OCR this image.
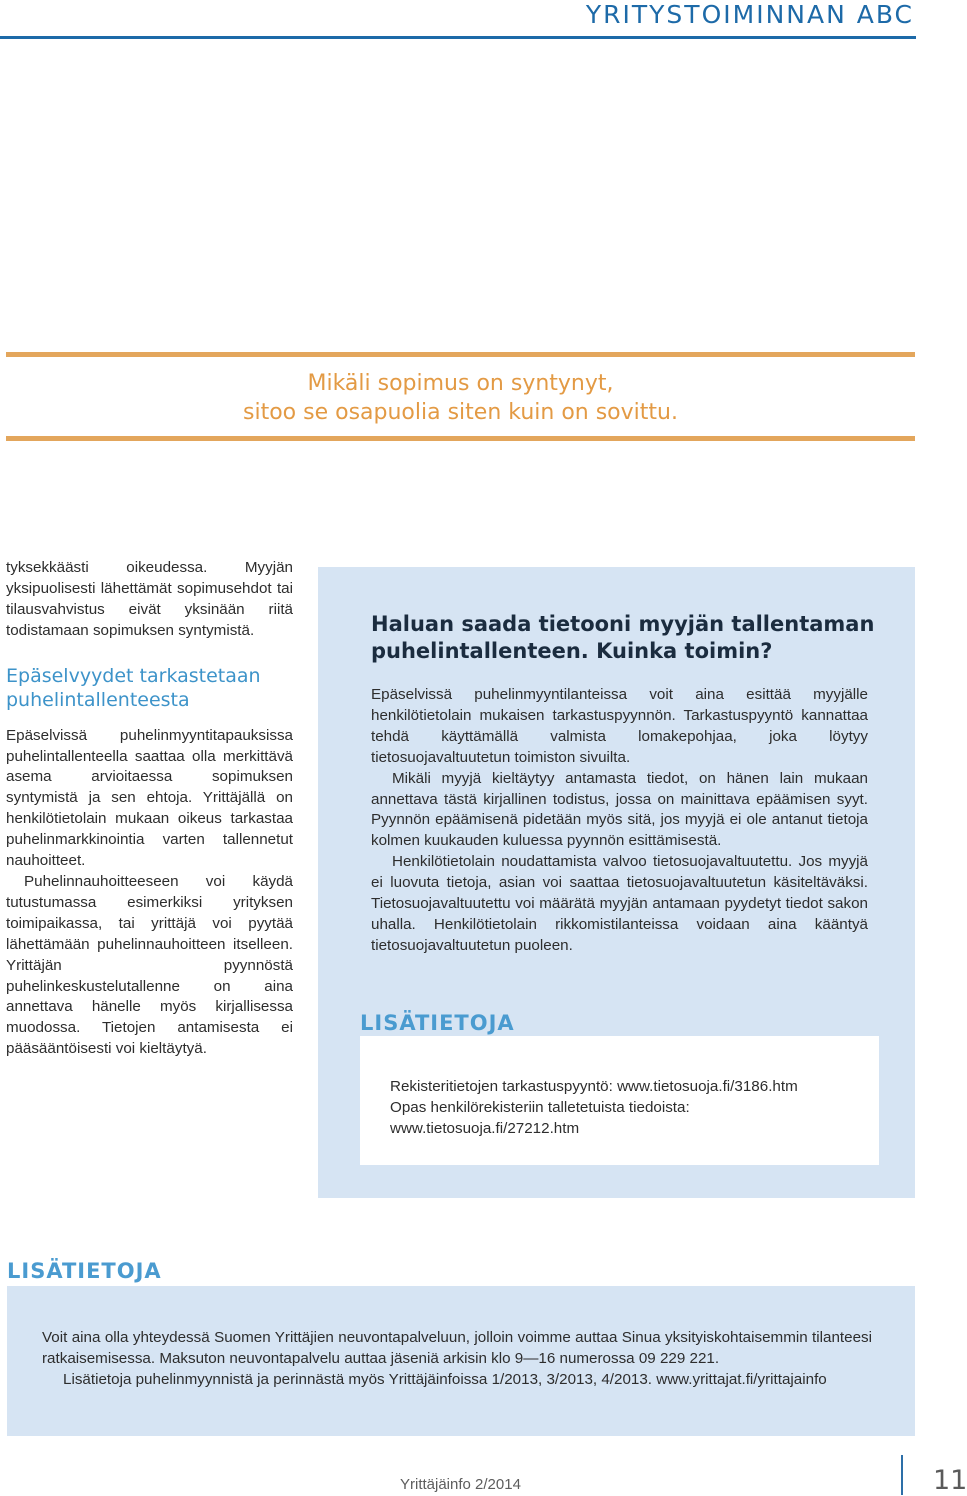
YRITYSTOIMINNAN ABC
Mikäli sopimus on syntynyt,
sitoo se osapuolia siten kuin on sovittu.

tyksekkäästi oikeudessa. Myyjän yksipuolisesti lähettämät sopimusehdot tai tilausvahvistus eivät yksinään riitä todistamaan sopimuksen syntymistä.

Epäselvyydet tarkastetaan puhelintallenteesta

Epäselvissä puhelinmyyntitapauksissa puhelintallenteella saattaa olla merkittävä asema arvioitaessa sopimuksen syntymistä ja sen ehtoja. Yrittäjällä on henkilötietolain mukaan oikeus tarkastaa puhelinmarkkinointia varten tallennetut nauhoitteet.

Puhelinnauhoitteeseen voi käydä tutustumassa esimerkiksi yrityksen toimipaikassa, tai yrittäjä voi pyytää lähettämään puhelinnauhoitteen itselleen. Yrittäjän pyynnöstä puhelinkeskustelutallenne on aina annettava hänelle myös kirjallisessa muodossa. Tietojen antamisesta ei pääsääntöisesti voi kieltäytyä.

Haluan saada tietooni myyjän tallentaman puhelintallenteen. Kuinka toimin?

Epäselvissä puhelinmyyntilanteissa voit aina esittää myyjälle henkilötietolain mukaisen tarkastuspyynnön. Tarkastuspyyntö kannattaa tehdä käyttämällä valmista lomakepohjaa, joka löytyy tietosuojavaltuutetun toimiston sivuilta.

Mikäli myyjä kieltäytyy antamasta tiedot, on hänen lain mukaan annettava tästä kirjallinen todistus, jossa on mainittava epäämisen syyt. Pyynnön epäämisenä pidetään myös sitä, jos myyjä ei ole antanut tietoja kolmen kuukauden kuluessa pyynnön esittämisestä.

Henkilötietolain noudattamista valvoo tietosuojavaltuutettu. Jos myyjä ei luovuta tietoja, asian voi saattaa tietosuojavaltuutetun käsiteltäväksi. Tietosuojavaltuutettu voi määrätä myyjän antamaan pyydetyt tiedot sakon uhalla. Henkilötietolain rikkomistilanteissa voidaan aina kääntyä tietosuojavaltuutetun puoleen.

LISÄTIETOJA
Rekisteritietojen tarkastuspyyntö: www.tietosuoja.fi/3186.htm
Opas henkilörekisteriin talletetuista tiedoista: www.tietosuoja.fi/27212.htm
LISÄTIETOJA

Voit aina olla yhteydessä Suomen Yrittäjien neuvontapalveluun, jolloin voimme auttaa Sinua yksityiskohtaisemmin tilanteesi ratkaisemisessa. Maksuton neuvontapalvelu auttaa jäseniä arkisin klo 9—16 numerossa 09 229 221.

Lisätietoja puhelinmyynnistä ja perinnästä myös Yrittäjäinfoissa 1/2013, 3/2013, 4/2013. www.yrittajat.fi/yrittajainfo

Yrittäjäinfo 2/2014	11
